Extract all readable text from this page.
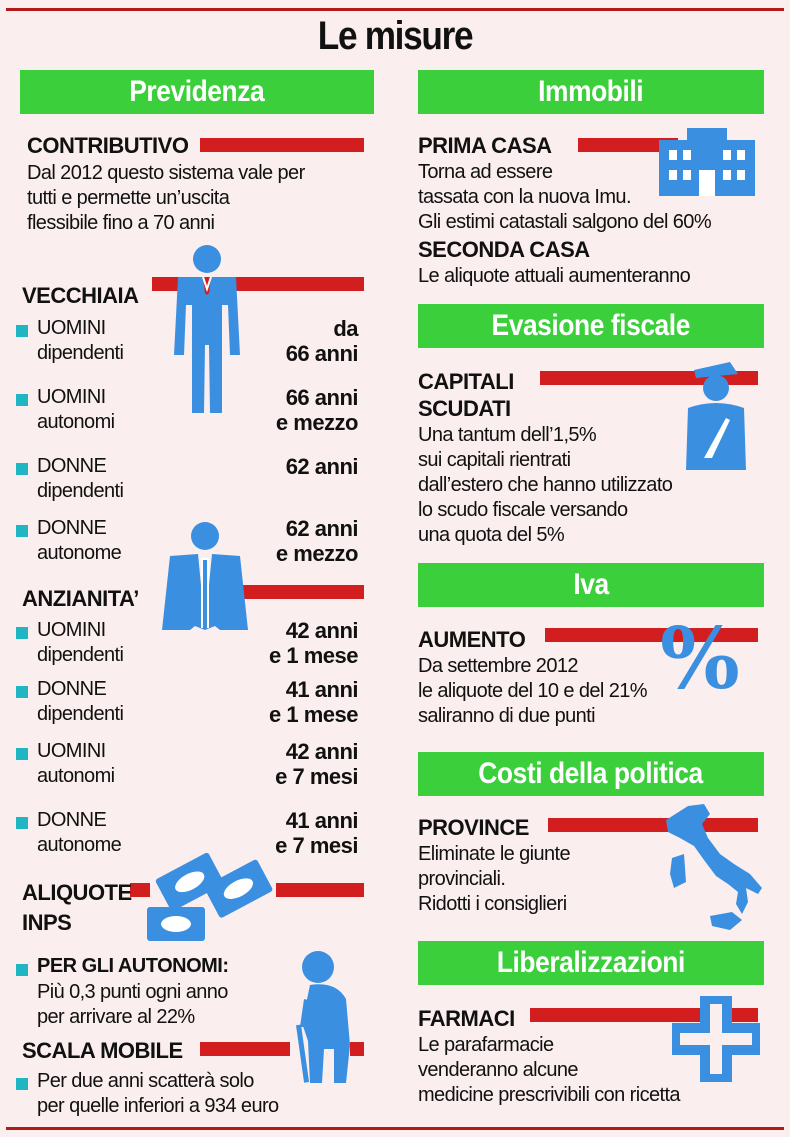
Le misure
Previdenza
CONTRIBUTIVO
Dal 2012 questo sistema vale per
tutti e permette un’uscita
flessibile fino a 70 anni
VECCHIAIA
UOMINI
dipendenti
da
66 anni
UOMINI
autonomi
66 anni
e mezzo
DONNE
dipendenti
62 anni
DONNE
autonome
62 anni
e mezzo
ANZIANITA’
UOMINI
dipendenti
42 anni
e 1 mese
DONNE
dipendenti
41 anni
e 1 mese
UOMINI
autonomi
42 anni
e 7 mesi
DONNE
autonome
41 anni
e 7 mesi
ALIQUOTE
INPS
PER GLI AUTONOMI:
Più 0,3 punti ogni anno
per arrivare al 22%
SCALA MOBILE
Per due anni scatterà solo
per quelle inferiori a 934 euro
Immobili
PRIMA CASA
Torna ad essere
tassata con la nuova Imu.
Gli estimi catastali salgono del 60%
SECONDA CASA
Le aliquote attuali aumenteranno
Evasione fiscale
CAPITALI
SCUDATI
Una tantum dell’1,5%
sui capitali rientrati
dall’estero che hanno utilizzato
lo scudo fiscale versando
una quota del 5%
Iva
AUMENTO %
Da settembre 2012
le aliquote del 10 e del 21%
saliranno di due punti
Costi della politica
PROVINCE
Eliminate le giunte
provinciali.
Ridotti i consiglieri
Liberalizzazioni
FARMACI
Le parafarmacie
venderanno alcune
medicine prescrivibili con ricetta
